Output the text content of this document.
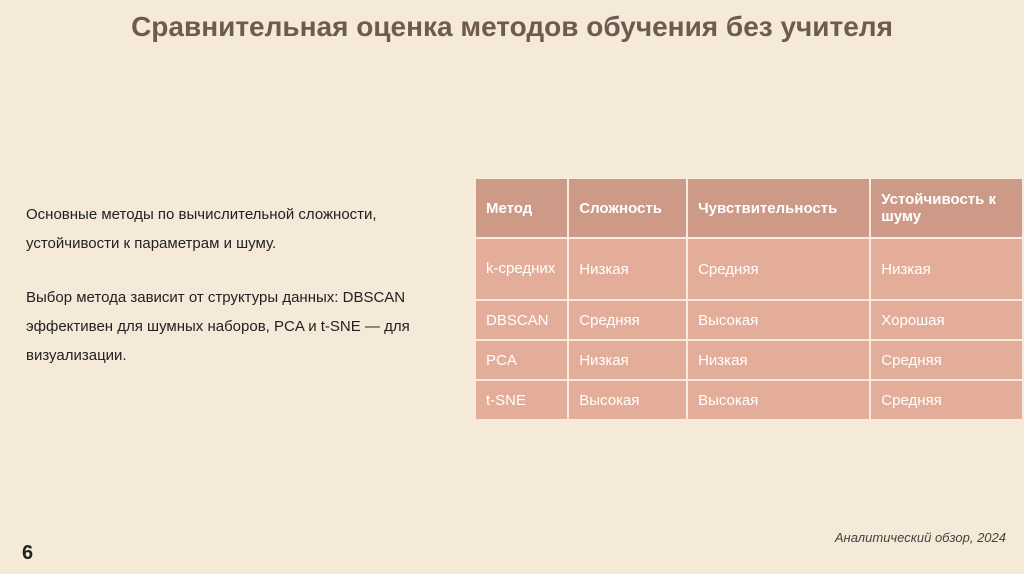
Сравнительная оценка методов обучения без учителя

Основные методы по вычислительной сложности, устойчивости к параметрам и шуму.

Выбор метода зависит от структуры данных: DBSCAN эффективен для шумных наборов, PCA и t-SNE — для визуализации.

Метод	Сложность	Чувствительность	Устойчивость к шуму
k-средних	Низкая	Средняя	Низкая
DBSCAN	Средняя	Высокая	Хорошая
PCA	Низкая	Низкая	Средняя
t-SNE	Высокая	Высокая	Средняя
6
Аналитический обзор, 2024
